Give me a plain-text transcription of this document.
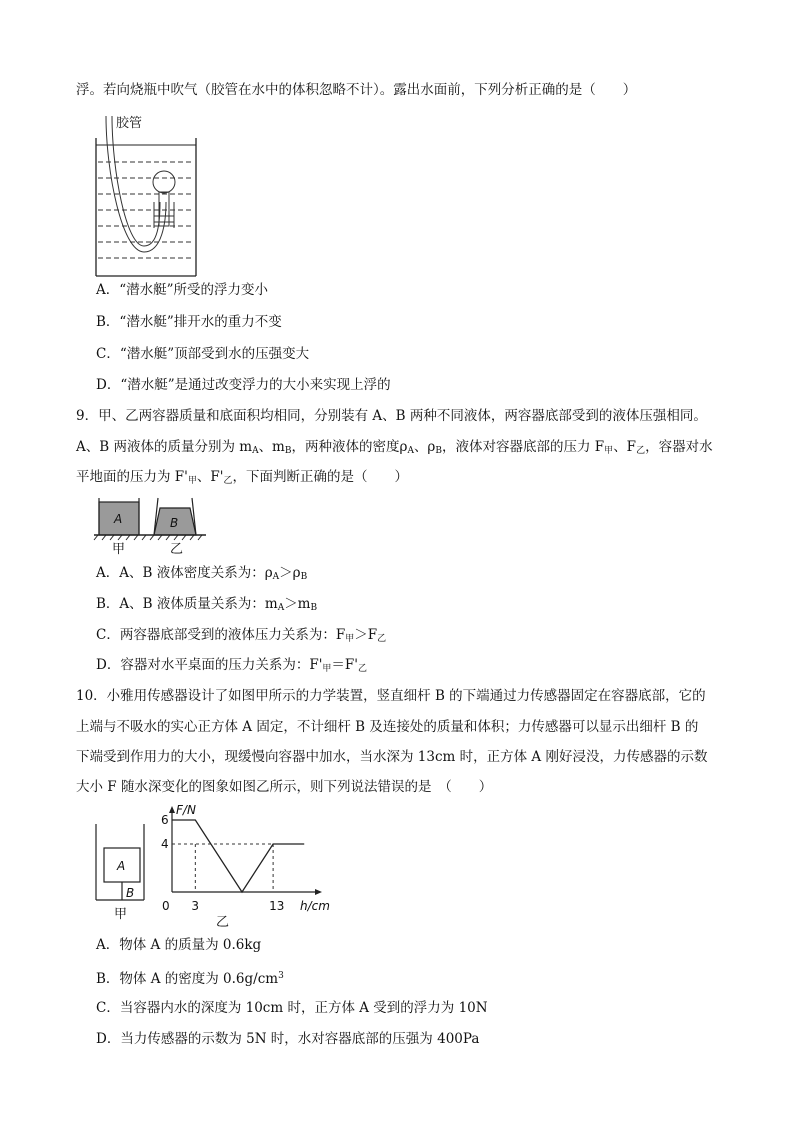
浮。若向烧瓶中吹气（胶管在水中的体积忽略不计）。露出水面前，下列分析正确的是（　　）
胶管
A．“潜水艇”所受的浮力变小
B．“潜水艇”排开水的重力不变
C．“潜水艇”顶部受到水的压强变大
D．“潜水艇”是通过改变浮力的大小来实现上浮的
9．甲、乙两容器质量和底面积均相同，分别装有 A、B 两种不同液体，两容器底部受到的液体压强相同。
A、B 两液体的质量分别为 $m_A$、$m_B$，两种液体的密度$\rho_A$、$\rho_B$，液体对容器底部的压力 $F_甲$、$F_乙$，容器对水
平地面的压力为 $F'_甲$、$F'_乙$，下面判断正确的是（　　）
A	B
甲	乙
A．A、B 液体密度关系为：$\rho_A>\rho_B$
B．A、B 液体质量关系为：$m_A>m_B$
C．两容器底部受到的液体压力关系为：$F_甲>F_乙$
D．容器对水平桌面的压力关系为：$F'_甲=F'_乙$
10．小雅用传感器设计了如图甲所示的力学装置，竖直细杆 B 的下端通过力传感器固定在容器底部，它的
上端与不吸水的实心正方体 A 固定，不计细杆 B 及连接处的质量和体积；力传感器可以显示出细杆 B 的
下端受到作用力的大小，现缓慢向容器中加水，当水深为 13cm 时，正方体 A 刚好浸没，力传感器的示数
大小 F 随水深变化的图象如图乙所示，则下列说法错误的是　（　　）
A
B
甲
F/N
h/cm
0 3	13
6
4
乙
A．物体 A 的质量为 0.6kg
B．物体 A 的密度为 $0.6g/cm^3$
C．当容器内水的深度为 10cm 时，正方体 A 受到的浮力为 10N
D．当力传感器的示数为 5N 时，水对容器底部的压强为 400Pa
